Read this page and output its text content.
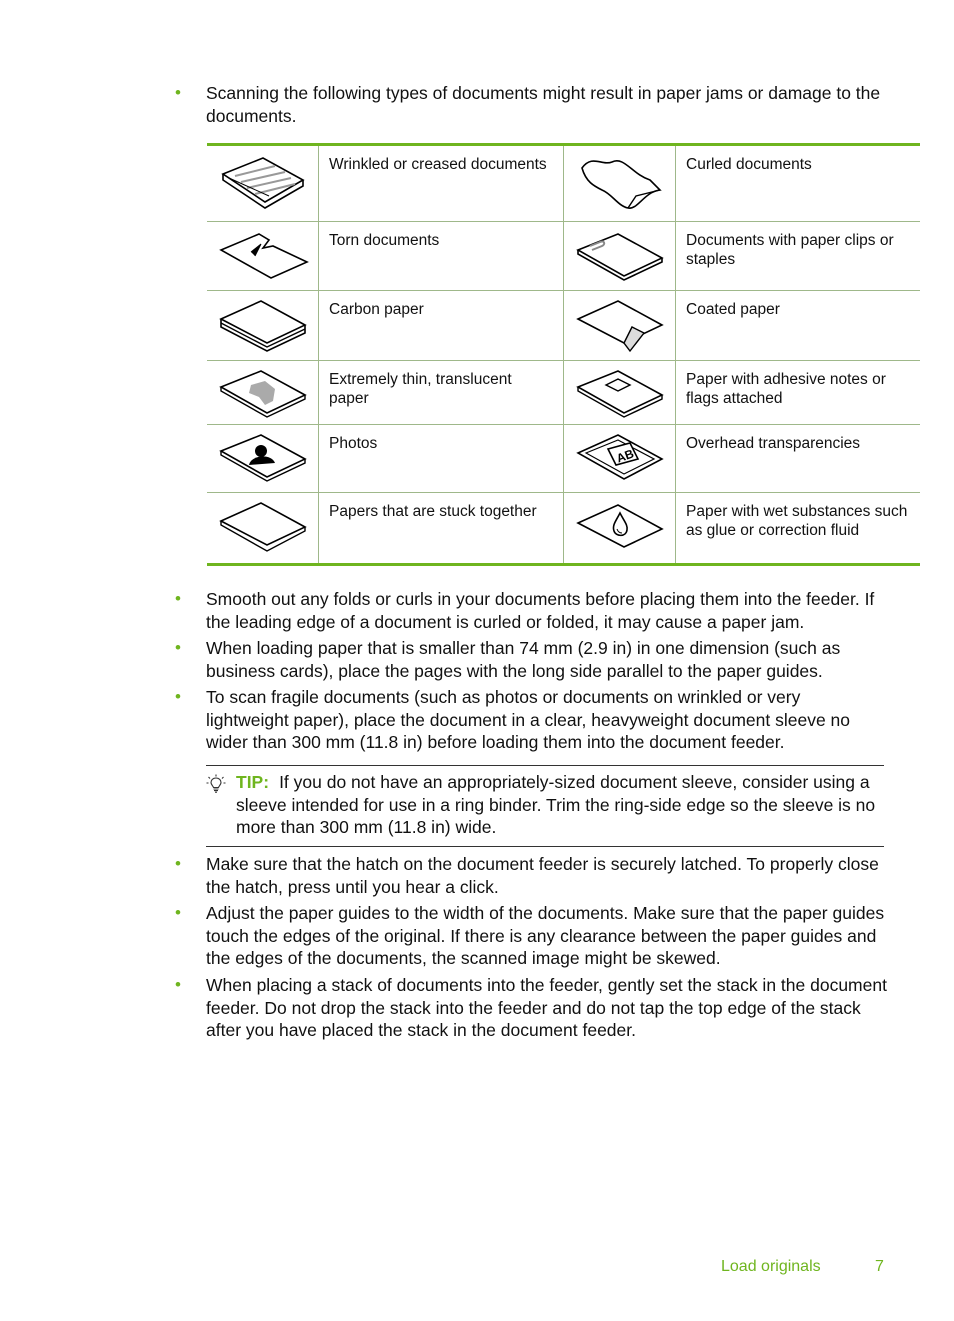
• Scanning the following types of documents might result in paper jams or damage to the documents.
	Wrinkled or creased documents		Curled documents

	Torn documents		Documents with paper clips or staples

	Carbon paper		Coated paper

	Extremely thin, translucent paper		Paper with adhesive notes or flags attached

	Photos	AB	Overhead transparencies

	Papers that are stuck together		Paper with wet substances such as glue or correction fluid
• Smooth out any folds or curls in your documents before placing them into the feeder. If the leading edge of a document is curled or folded, it may cause a paper jam.
• When loading paper that is smaller than 74 mm (2.9 in) in one dimension (such as business cards), place the pages with the long side parallel to the paper guides.
• To scan fragile documents (such as photos or documents on wrinkled or very lightweight paper), place the document in a clear, heavyweight document sleeve no wider than 300 mm (11.8 in) before loading them into the document feeder.
TIP: If you do not have an appropriately-sized document sleeve, consider using a sleeve intended for use in a ring binder. Trim the ring-side edge so the sleeve is no more than 300 mm (11.8 in) wide.
• Make sure that the hatch on the document feeder is securely latched. To properly close the hatch, press until you hear a click.
• Adjust the paper guides to the width of the documents. Make sure that the paper guides touch the edges of the original. If there is any clearance between the paper guides and the edges of the documents, the scanned image might be skewed.
• When placing a stack of documents into the feeder, gently set the stack in the document feeder. Do not drop the stack into the feeder and do not tap the top edge of the stack after you have placed the stack in the document feeder.
Load originals	7
